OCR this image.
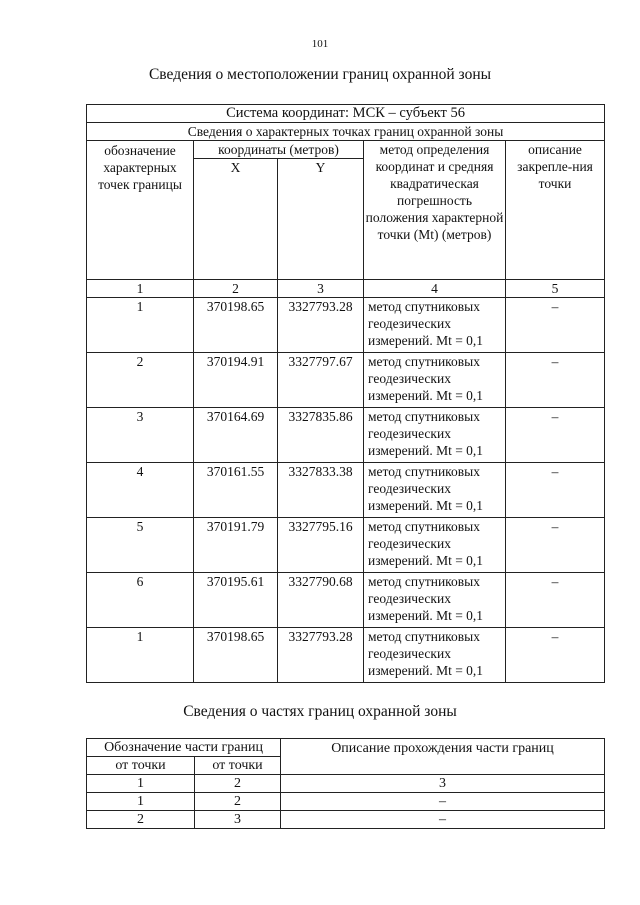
101
Сведения о местоположении границ охранной зоны
Система координат: МСК – субъект 56				
Сведения о характерных точках границ охранной зоны				
обозначение характерных точек границы	координаты (метров)		метод определения координат и средняя квадратическая погрешность положения характерной точки (Mt) (метров)	описание закрепле-ния точки
	X	Y		
1	2	3	4	5
1	370198.65	3327793.28	метод спутниковых геодезических измерений. Mt = 0,1	–
2	370194.91	3327797.67	метод спутниковых геодезических измерений. Mt = 0,1	–
3	370164.69	3327835.86	метод спутниковых геодезических измерений. Mt = 0,1	–
4	370161.55	3327833.38	метод спутниковых геодезических измерений. Mt = 0,1	–
5	370191.79	3327795.16	метод спутниковых геодезических измерений. Mt = 0,1	–
6	370195.61	3327790.68	метод спутниковых геодезических измерений. Mt = 0,1	–
1	370198.65	3327793.28	метод спутниковых геодезических измерений. Mt = 0,1	–
Сведения о частях границ охранной зоны
Обозначение части границ		Описание прохождения части границ
от точки	от точки	
1	2	3
1	2	–
2	3	–
